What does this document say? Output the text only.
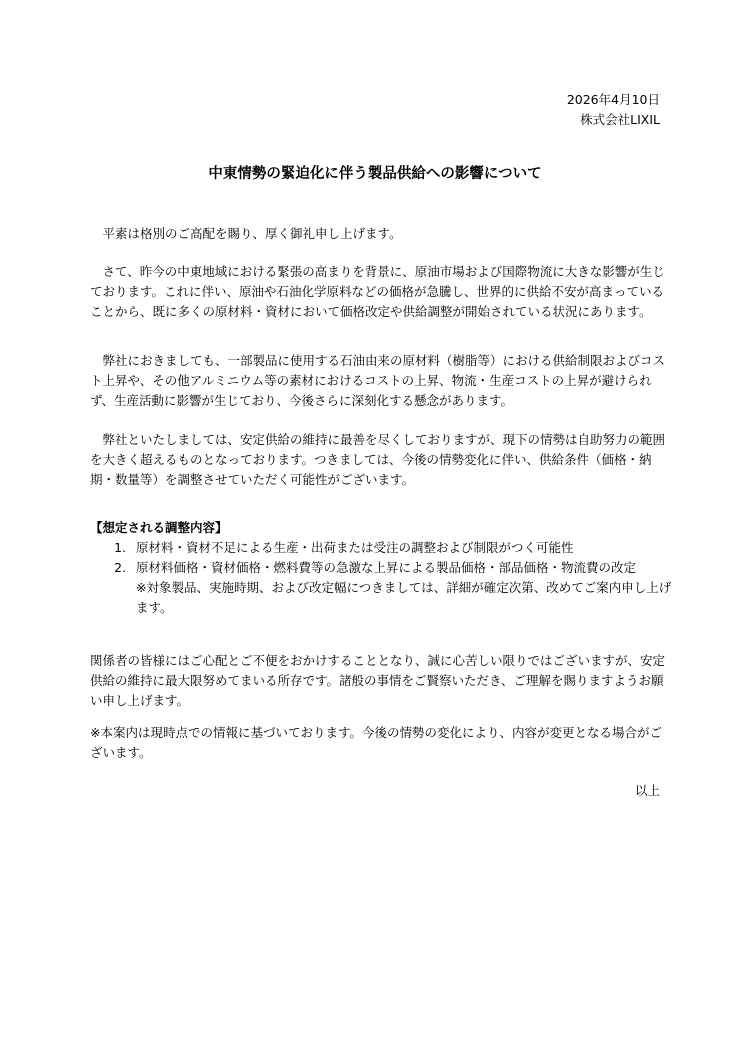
2026年4月10日
株式会社LIXIL
中東情勢の緊迫化に伴う製品供給への影響について

　平素は格別のご高配を賜り、厚く御礼申し上げます。

　さて、昨今の中東地域における緊張の高まりを背景に、原油市場および国際物流に大きな影響が生じております。これに伴い、原油や石油化学原料などの価格が急騰し、世界的に供給不安が高まっていることから、既に多くの原材料・資材において価格改定や供給調整が開始されている状況にあります。

　弊社におきましても、一部製品に使用する石油由来の原材料（樹脂等）における供給制限およびコスト上昇や、その他アルミニウム等の素材におけるコストの上昇、物流・生産コストの上昇が避けられず、生産活動に影響が生じており、今後さらに深刻化する懸念があります。

　弊社といたしましては、安定供給の維持に最善を尽くしておりますが、現下の情勢は自助努力の範囲を大きく超えるものとなっております。つきましては、今後の情勢変化に伴い、供給条件（価格・納期・数量等）を調整させていただく可能性がございます。

【想定される調整内容】
1. 原材料・資材不足による生産・出荷または受注の調整および制限がつく可能性
2. 原材料価格・資材価格・燃料費等の急激な上昇による製品価格・部品価格・物流費の改定
※対象製品、実施時期、および改定幅につきましては、詳細が確定次第、改めてご案内申し上げます。

関係者の皆様にはご心配とご不便をおかけすることとなり、誠に心苦しい限りではございますが、安定供給の維持に最大限努めてまいる所存です。諸般の事情をご賢察いただき、ご理解を賜りますようお願い申し上げます。

※本案内は現時点での情報に基づいております。今後の情勢の変化により、内容が変更となる場合がございます。

以上
